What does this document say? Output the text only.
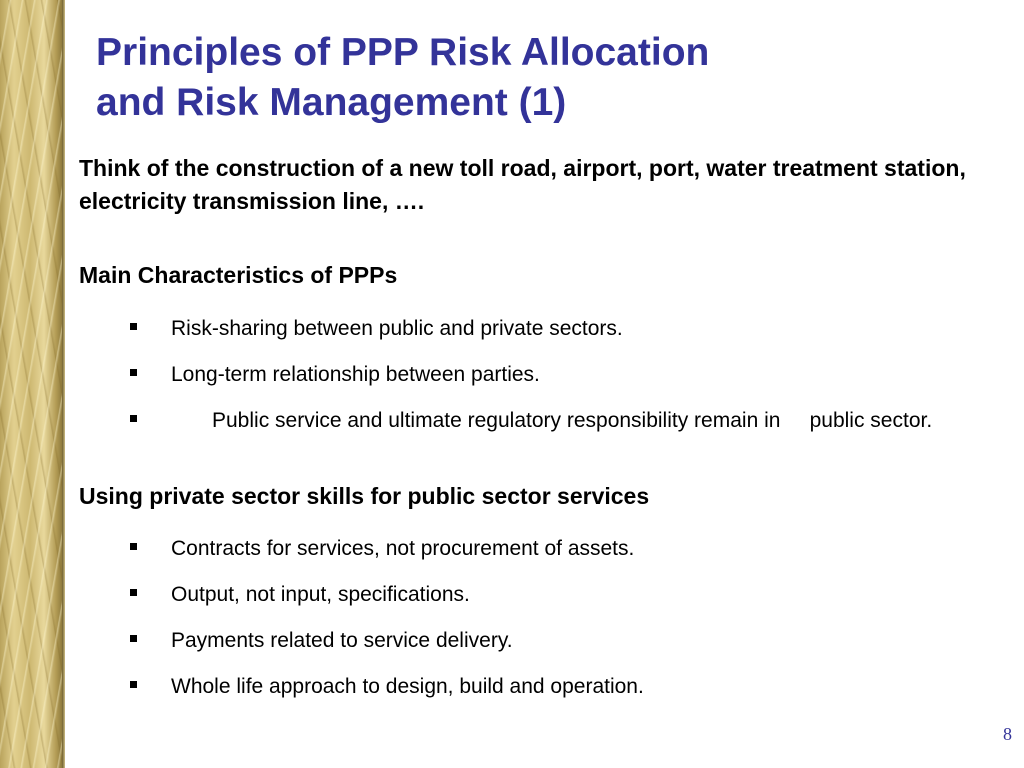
Principles of PPP Risk Allocation
and Risk Management (1)

Think of the construction of a new toll road, airport, port, water treatment station, electricity transmission line, ….

Main Characteristics of PPPs

Risk-sharing between public and private sectors.
Long-term relationship between parties.
Public service and ultimate regulatory responsibility remain in     public sector.

Using private sector skills for public sector services

Contracts for services, not procurement of assets.
Output, not input, specifications.
Payments related to service delivery.
Whole life approach to design, build and operation.
8
